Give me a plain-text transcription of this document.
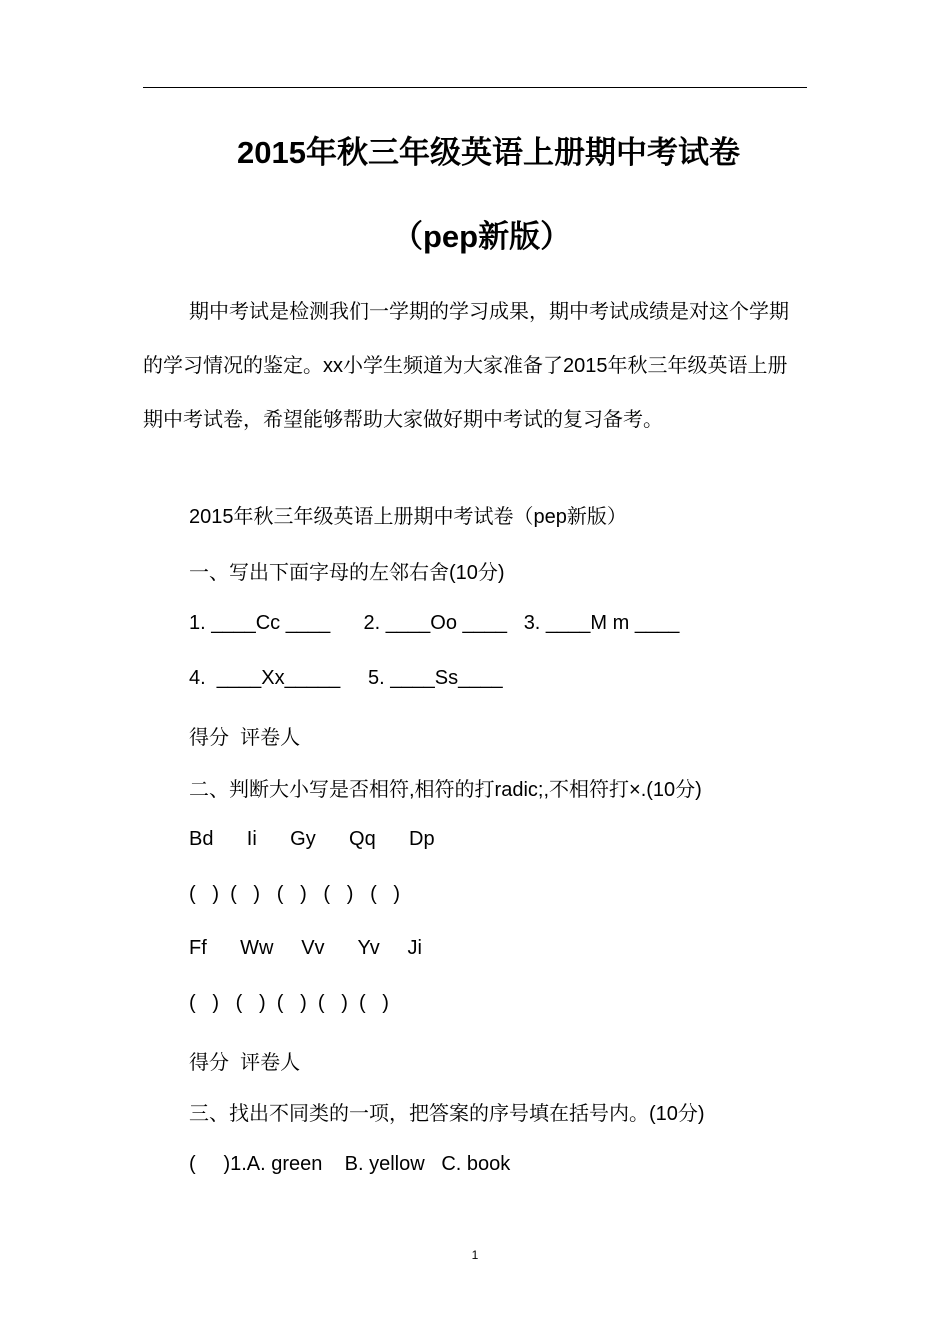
2015年秋三年级英语上册期中考试卷
（pep新版）

期中考试是检测我们一学期的学习成果，期中考试成绩是对这个学期的学习情况的鉴定。xx小学生频道为大家准备了2015年秋三年级英语上册期中考试卷，希望能够帮助大家做好期中考试的复习备考。

2015年秋三年级英语上册期中考试卷（pep新版）
一、写出下面字母的左邻右舍(10分)
1. ____Cc ____      2. ____Oo ____   3. ____M m ____
4.  ____Xx_____     5. ____Ss____
得分  评卷人
二、判断大小写是否相符,相符的打radic;,不相符打×.(10分)
Bd      Ii      Gy      Qq      Dp
(   )  (   )   (   )   (   )   (   )
Ff      Ww     Vv      Yv     Ji
(   )   (   )  (   )  (   )  (   )
得分  评卷人
三、找出不同类的一项，把答案的序号填在括号内。(10分)
(     )1.A. green    B. yellow   C. book
1
